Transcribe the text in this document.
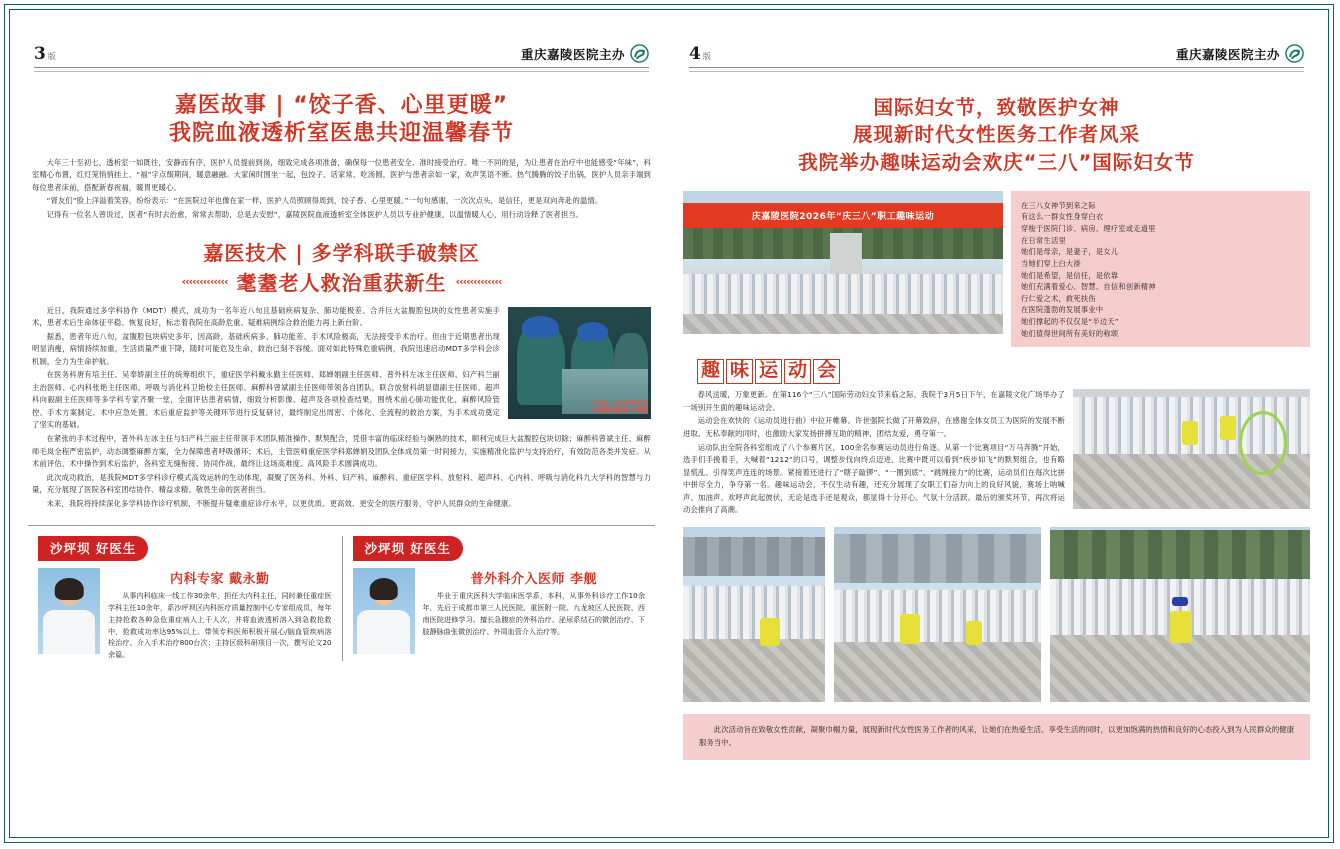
3 版	重庆嘉陵医院主办
嘉医故事 | “饺子香、心里更暖”
我院血液透析室医患共迎温馨春节

大年三十至初七，透析室一如既往，安静而有序，医护人员提前到岗，细致完成各项准备，确保每一位患者安全、准时接受治疗。唯一不同的是，为让患者在治疗中也能感受“年味”，科室精心布置，红灯笼悄悄挂上、“福”字点缀期间，暖意融融。大家闲时围坐一起，包饺子、话家常、吃汤圆，医护与患者亲如一家，欢声笑语不断。热气腾腾的饺子出锅，医护人员亲手端到每位患者床前，搭配新春祝福，暖胃更暖心。

“肾友们”脸上洋溢着笑容，纷纷表示：“在医院过年也像在家一样，医护人员照顾得周到，饺子香、心里更暖。”一句句感谢，一次次点头，是信任，更是双向奔赴的温情。

记得有一位名人曾说过，医者“有时去治愈，常常去帮助，总是去安慰”，嘉陵医院血液透析室全体医护人员以专业护健康，以温情暖人心，用行动诠释了医者担当。

嘉医技术 | 多学科联手破禁区
‹‹‹‹‹‹‹‹‹‹‹‹‹ 耄耋老人救治重获新生 ‹‹‹‹‹‹‹‹‹‹‹‹‹
外2科、妇产科联合成
功切除盆腹腔巨大肿瘤

近日，我院通过多学科协作（MDT）模式，成功为一名年近八旬且基础疾病复杂、肺功能极差、合并巨大盆腹腔包块的女性患者实施手术，患者术后生命体征平稳、恢复良好，标志着我院在高龄危重、疑难病例综合救治能力再上新台阶。

据悉，患者年近八旬，盆腹腔包块病史多年，因高龄、基础疾病多、肺功能差、手术风险极高，无法接受手术治疗。但由于近期患者出现明显消瘦，病情持续加重，生活质量严重下降，随时可能危及生命，救治已刻不容缓。面对如此特殊危重病例，我院迅速启动MDT多学科会诊机制，全力为生命护航。

在医务科唐有培主任、吴奉娇副主任的统筹组织下，重症医学科戴永勤主任医师、郑婵娟副主任医师、普外科左冰主任医师、妇产科兰丽主治医师、心内科张艳主任医师、呼吸与消化科卫艳校主任医师、麻醉科曾斌副主任医师带领各自团队，联合放射科胡显德副主任医师、超声科向毅副主任医师等多学科专家齐聚一堂，全面评估患者病情，细致分析影像、超声及各项检查结果，围绕术前心肺功能优化、麻醉风险管控、手术方案制定、术中应急处置、术后重症监护等关键环节进行反复研讨，最终制定出周密、个体化、全流程的救治方案，为手术成功奠定了坚实的基础。

在紧张的手术过程中，普外科左冰主任与妇产科兰丽主任带领手术团队精准操作、默契配合，凭借丰富的临床经验与娴熟的技术，顺利完成巨大盆腹腔包块切除；麻醉科曾斌主任、麻醉师毛岚全程严密监护，动态调整麻醉方案，全力保障患者呼吸循环；术后，主管医师重症医学科郑婵娟及团队全体成员第一时间接力，实施精准化监护与支持治疗，有效防范各类并发症。从术前评估、术中操作到术后监护，各科室无缝衔接、协同作战，最终让这场高难度、高风险手术圆满成功。

此次成功救治，是我院MDT多学科诊疗模式高效运转的生动体现，凝聚了医务科、外科、妇产科、麻醉科、重症医学科、放射科、超声科、心内科、呼吸与消化科九大学科的智慧与力量，充分展现了医院各科室团结协作、精益求精、敬畏生命的医者担当。

未来，我院将持续深化多学科协作诊疗机制，不断提升疑难重症诊疗水平，以更优质、更高效、更安全的医疗服务，守护人民群众的生命健康。

沙坪坝 好医生
内科专家 戴永勤

从事内科临床一线工作30余年，担任大内科主任，同时兼任重症医学科主任10余年，系沙坪坝区内科医疗质量控制中心专家组成员，每年主持抢救各种急危重症病人上千人次，并将血液透析溶入到急救抢救中，抢救成功率达95%以上。带领专科医师积极开展心/脑血管疾病溶栓治疗、介入手术治疗800台次；主持区级科研项目一次，撰写论文20余篇。

沙坪坝 好医生
普外科介入医师 李舰

毕业于重庆医科大学临床医学系，本科，从事外科诊疗工作10余年，先后于成都市第三人民医院、重医附一院、九龙坡区人民医院、西南医院进修学习。擅长急腹症的外科治疗、泌尿系结石的微创治疗、下肢静脉曲张微创治疗、外周血管介入治疗等。

4 版	重庆嘉陵医院主办
国际妇女节，致敬医护女神
展现新时代女性医务工作者风采
我院举办趣味运动会欢庆“三八”国际妇女节
庆嘉陵医院2026年“庆三八”职工趣味运动
在三八女神节到来之际
有这么一群女性身穿白衣
穿梭于医院门诊、病房、理疗室或走道里
在日常生活里
她们是母亲，是妻子，是女儿
当她们穿上白大褂
她们是希望，是信任，是依靠
她们充满着爱心、智慧、自信和创新精神
行仁爱之术，救死扶伤
在医院蓬勃的发展事业中
她们撑起的不仅仅是“半边天”
她们值得世间所有美好的称颂
趣 味 运 动 会

春风送暖，万象更新。在第116个“三八”国际劳动妇女节来临之际，我院于3月5日下午，在嘉陵文化广场举办了一场别开生面的趣味运动会。

运动会在欢快的《运动员进行曲》中拉开帷幕。许世强院长做了开幕致辞，在感谢全体女员工为医院的发展不断进取、无私奉献的同时，也激励大家发扬拼搏互助的精神，团结友爱，勇夺第一。

运动队由全院各科室组成了八个参赛片区，100余名参赛运动员进行角逐。从第一个比赛项目“万马奔腾”开始，选手们手挽着手，大喊着“1212”的口号，调整步伐向终点迈进，比赛中既可以看到“疾步如飞”的默契组合，也有略显慌乱、引得笑声连连的场景。紧接着还进行了“瞎子敲锣”、“一圈到底”、“跳绳接力”的比赛，运动员们在每次比拼中拼尽全力，争夺第一名。趣味运动会，不仅生动有趣，还充分展现了女职工们奋力向上的良好风貌，赛场上呐喊声、加油声、欢呼声此起彼伏，无论是选手还是观众，都显得十分开心。气氛十分活跃。最后的颁奖环节，再次将运动会推向了高潮。

此次活动旨在致敬女性贡献，凝聚巾帼力量，展现新时代女性医务工作者的风采，让她们在热爱生活、享受生活的同时，以更加饱满的热情和良好的心态投入到为人民群众的健康服务当中。
